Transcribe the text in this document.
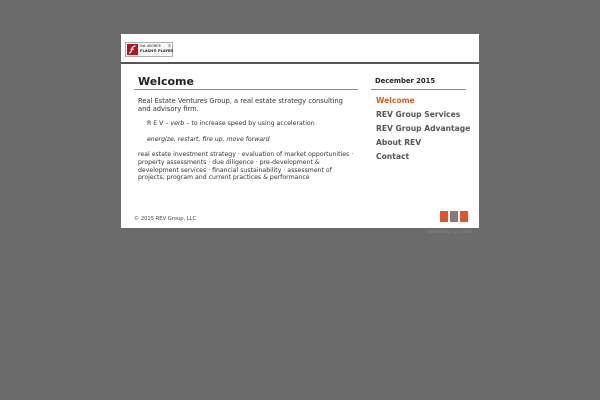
Get ADOBE®
FLASH® PLAYER
x
Welcome

Real Estate Ventures Group, a real estate strategy consulting and advisory firm.

R E V – verb – to increase speed by using acceleration

energize, restart, fire up, move forward

real estate investment strategy · evaluation of market opportunities · property assessments · due diligence · pre-development & development services · financial sustainability · assessment of projects, program and current practices & performance

December 2015
Welcome
REV Group Services
REV Group Advantage
About REV
Contact
© 2015 REV Group, LLC
Webdesign by Simin
